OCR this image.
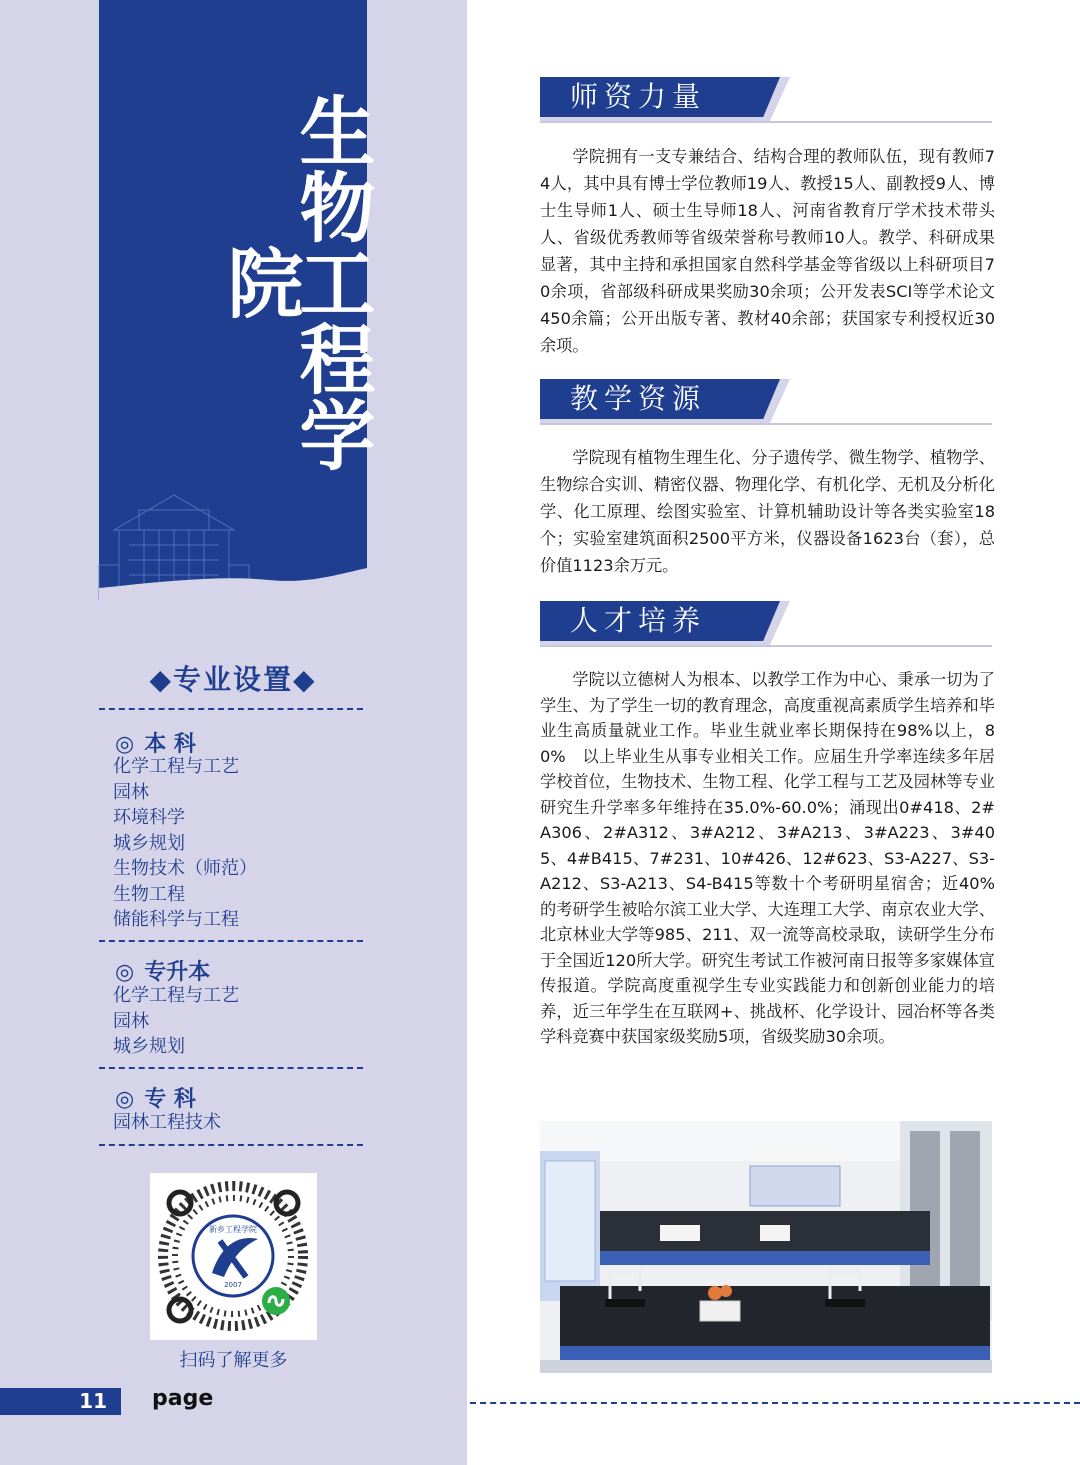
生物工程学院
◆专业设置◆
◎ 本 科
化学工程与工艺
园林
环境科学
城乡规划
生物技术（师范）
生物工程
储能科学与工程
◎ 专升本
化学工程与工艺
园林
城乡规划
◎ 专 科
园林工程技术
新乡工程学院
2007
扫码了解更多
11	page
师资力量

学院拥有一支专兼结合、结构合理的教师队伍，现有教师74人，其中具有博士学位教师19人、教授15人、副教授9人、博士生导师1人、硕士生导师18人、河南省教育厅学术技术带头人、省级优秀教师等省级荣誉称号教师10人。教学、科研成果显著，其中主持和承担国家自然科学基金等省级以上科研项目70余项，省部级科研成果奖励30余项；公开发表SCI等学术论文450余篇；公开出版专著、教材40余部；获国家专利授权近30余项。

教学资源

学院现有植物生理生化、分子遗传学、微生物学、植物学、生物综合实训、精密仪器、物理化学、有机化学、无机及分析化学、化工原理、绘图实验室、计算机辅助设计等各类实验室18个；实验室建筑面积2500平方米，仪器设备1623台（套），总价值1123余万元。

人才培养

学院以立德树人为根本、以教学工作为中心、秉承一切为了学生、为了学生一切的教育理念，高度重视高素质学生培养和毕业生高质量就业工作。毕业生就业率长期保持在98%以上，80%　以上毕业生从事专业相关工作。应届生升学率连续多年居学校首位，生物技术、生物工程、化学工程与工艺及园林等专业研究生升学率多年维持在35.0%-60.0%；涌现出0#418、2#A306、2#A312、3#A212、3#A213、3#A223、3#405、4#B415、7#231、10#426、12#623、S3-A227、S3-A212、S3-A213、S4-B415等数十个考研明星宿舍；近40%的考研学生被哈尔滨工业大学、大连理工大学、南京农业大学、北京林业大学等985、211、双一流等高校录取，读研学生分布于全国近120所大学。研究生考试工作被河南日报等多家媒体宣传报道。学院高度重视学生专业实践能力和创新创业能力的培养，近三年学生在互联网+、挑战杯、化学设计、园冶杯等各类学科竞赛中获国家级奖励5项，省级奖励30余项。
